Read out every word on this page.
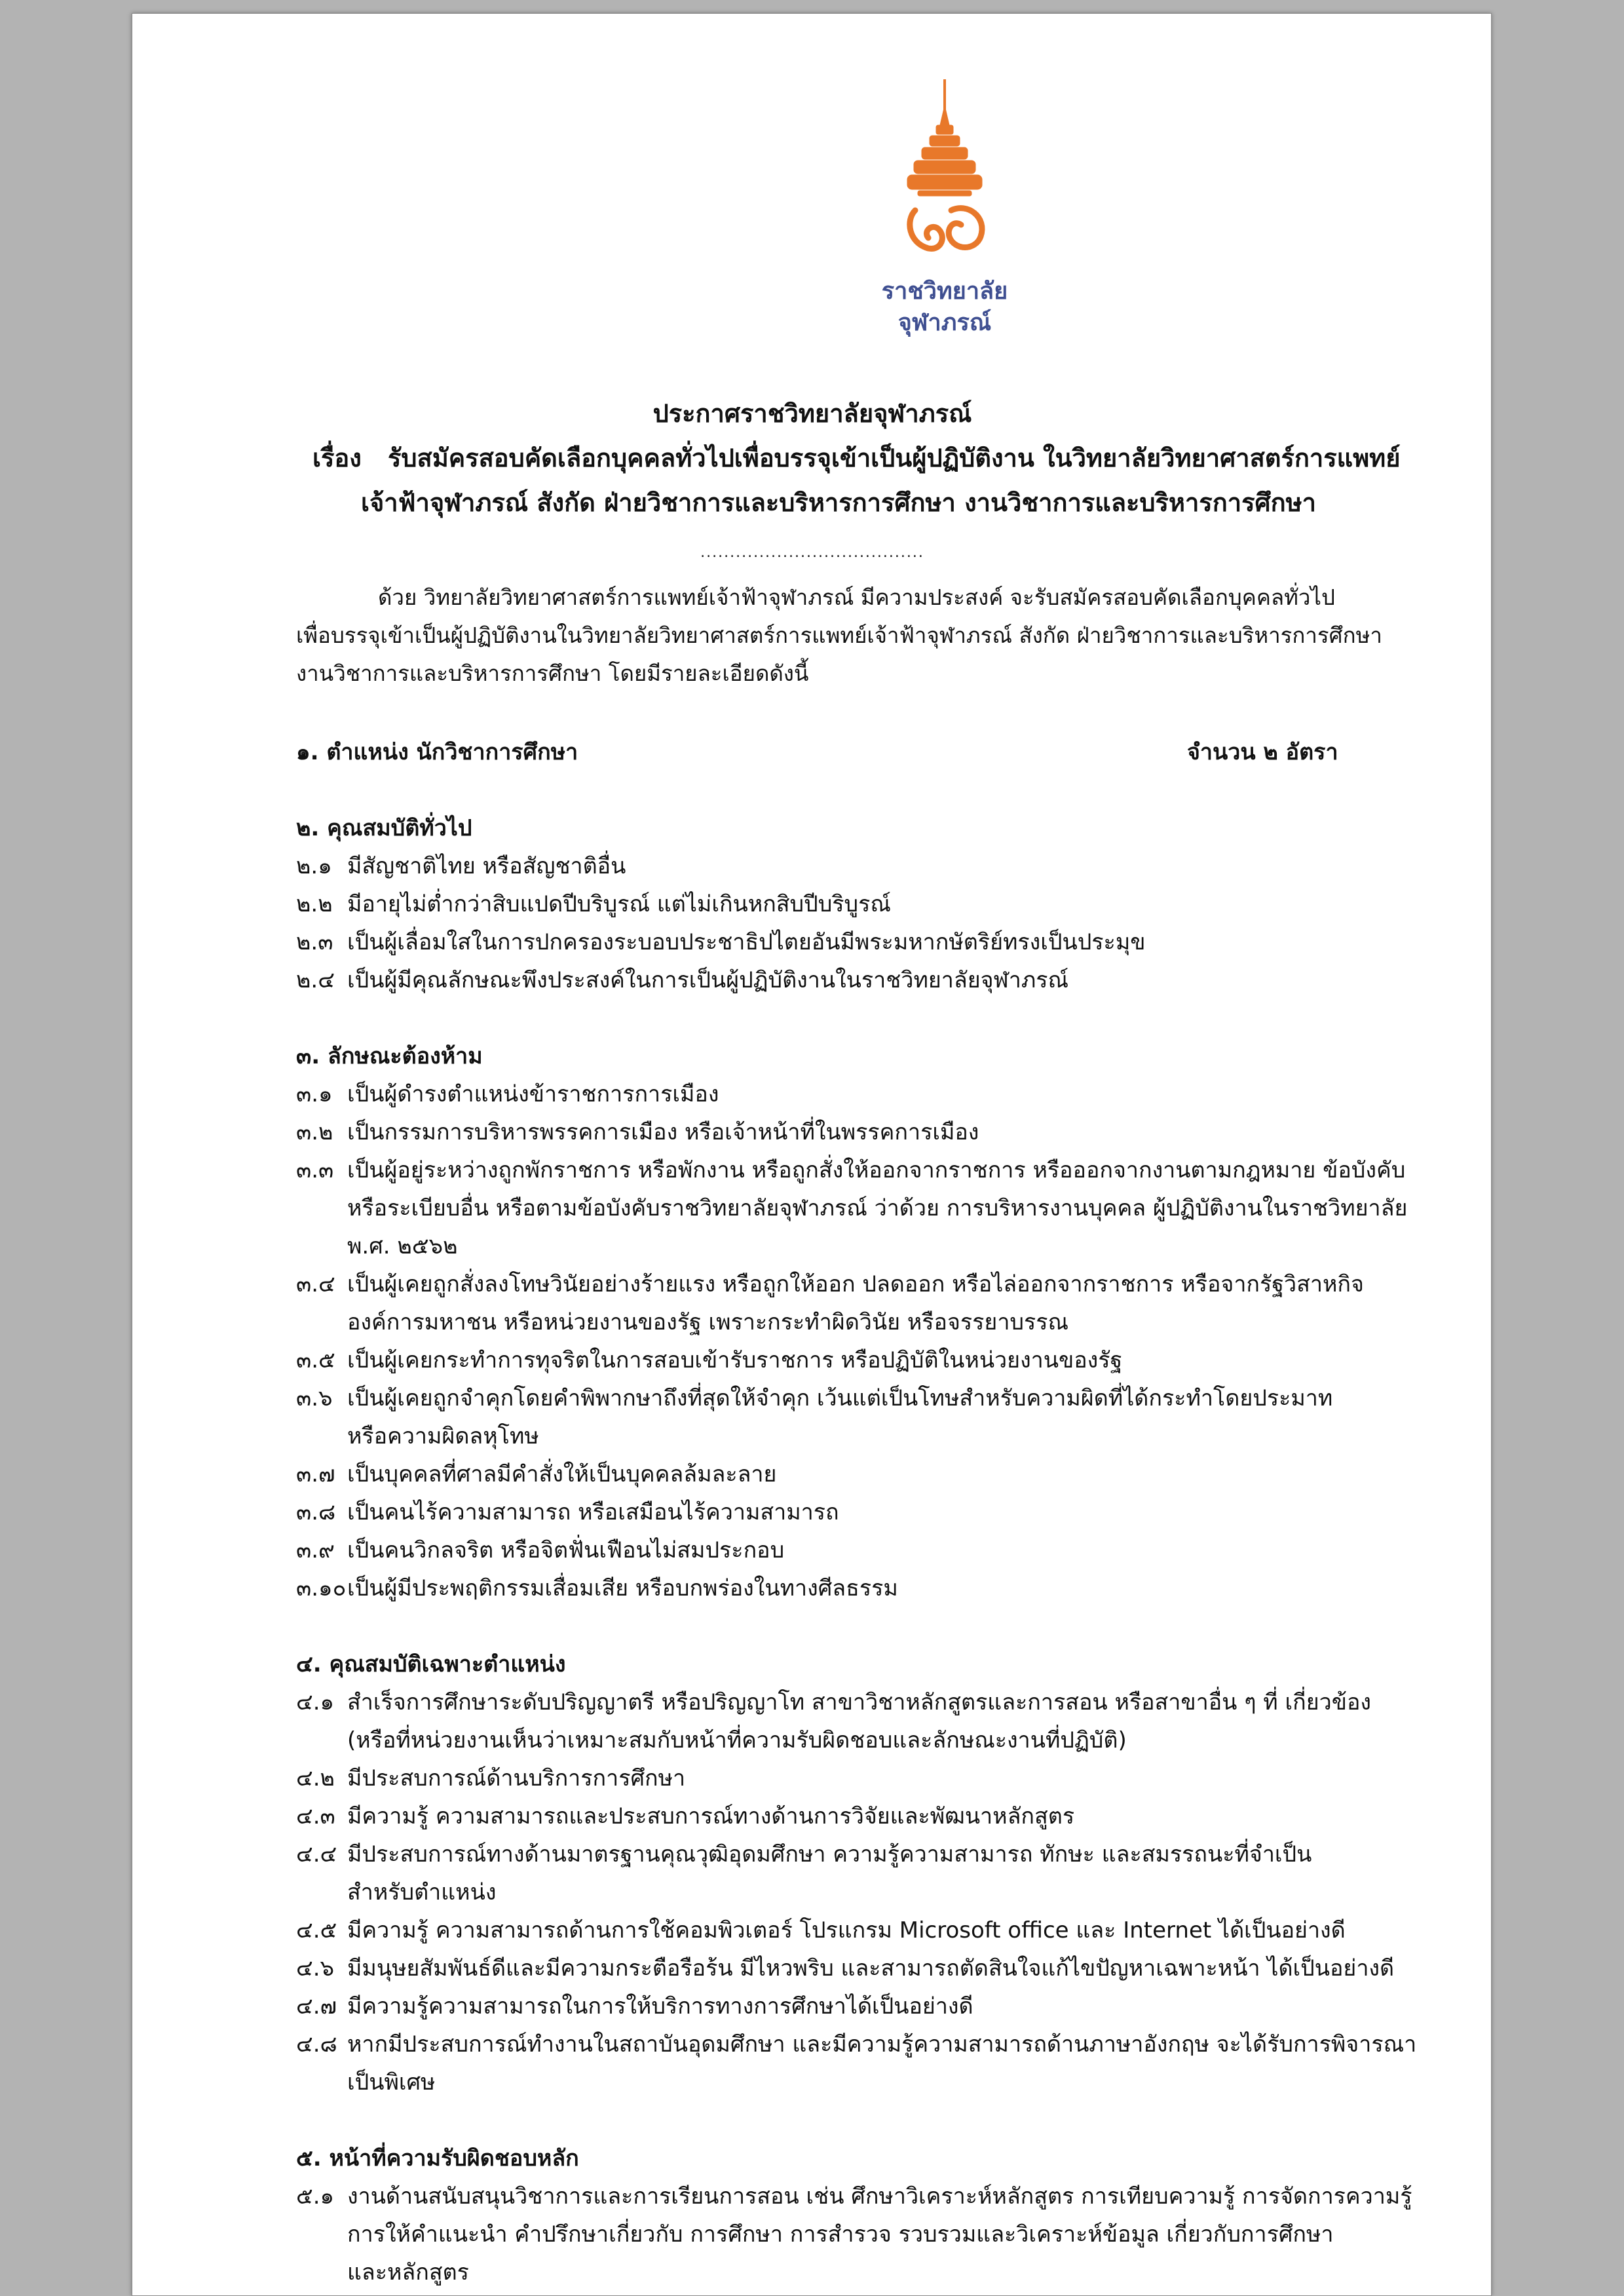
ราชวิทยาลัย
จุฬาภรณ์
ประกาศราชวิทยาลัยจุฬาภรณ์
เรื่อง รับสมัครสอบคัดเลือกบุคคลทั่วไปเพื่อบรรจุเข้าเป็นผู้ปฏิบัติงาน ในวิทยาลัยวิทยาศาสตร์การแพทย์
เจ้าฟ้าจุฬาภรณ์ สังกัด ฝ่ายวิชาการและบริหารการศึกษา งานวิชาการและบริหารการศึกษา
......................................
ด้วย วิทยาลัยวิทยาศาสตร์การแพทย์เจ้าฟ้าจุฬาภรณ์ มีความประสงค์ จะรับสมัครสอบคัดเลือกบุคคลทั่วไป
เพื่อบรรจุเข้าเป็นผู้ปฏิบัติงานในวิทยาลัยวิทยาศาสตร์การแพทย์เจ้าฟ้าจุฬาภรณ์ สังกัด ฝ่ายวิชาการและบริหารการศึกษา
งานวิชาการและบริหารการศึกษา โดยมีรายละเอียดดังนี้
๑. ตำแหน่ง นักวิชาการศึกษา	จำนวน ๒ อัตรา
๒. คุณสมบัติทั่วไป
๒.๑ มีสัญชาติไทย หรือสัญชาติอื่น
๒.๒ มีอายุไม่ต่ำกว่าสิบแปดปีบริบูรณ์ แต่ไม่เกินหกสิบปีบริบูรณ์
๒.๓ เป็นผู้เลื่อมใสในการปกครองระบอบประชาธิปไตยอันมีพระมหากษัตริย์ทรงเป็นประมุข
๒.๔ เป็นผู้มีคุณลักษณะพึงประสงค์ในการเป็นผู้ปฏิบัติงานในราชวิทยาลัยจุฬาภรณ์
๓. ลักษณะต้องห้าม
๓.๑ เป็นผู้ดำรงตำแหน่งข้าราชการการเมือง
๓.๒ เป็นกรรมการบริหารพรรคการเมือง หรือเจ้าหน้าที่ในพรรคการเมือง
๓.๓ เป็นผู้อยู่ระหว่างถูกพักราชการ หรือพักงาน หรือถูกสั่งให้ออกจากราชการ หรือออกจากงานตามกฎหมาย ข้อบังคับ
หรือระเบียบอื่น หรือตามข้อบังคับราชวิทยาลัยจุฬาภรณ์ ว่าด้วย การบริหารงานบุคคล ผู้ปฏิบัติงานในราชวิทยาลัย
พ.ศ. ๒๕๖๒
๓.๔ เป็นผู้เคยถูกสั่งลงโทษวินัยอย่างร้ายแรง หรือถูกให้ออก ปลดออก หรือไล่ออกจากราชการ หรือจากรัฐวิสาหกิจ
องค์การมหาชน หรือหน่วยงานของรัฐ เพราะกระทำผิดวินัย หรือจรรยาบรรณ
๓.๕ เป็นผู้เคยกระทำการทุจริตในการสอบเข้ารับราชการ หรือปฏิบัติในหน่วยงานของรัฐ
๓.๖ เป็นผู้เคยถูกจำคุกโดยคำพิพากษาถึงที่สุดให้จำคุก เว้นแต่เป็นโทษสำหรับความผิดที่ได้กระทำโดยประมาท
หรือความผิดลหุโทษ
๓.๗ เป็นบุคคลที่ศาลมีคำสั่งให้เป็นบุคคลล้มละลาย
๓.๘ เป็นคนไร้ความสามารถ หรือเสมือนไร้ความสามารถ
๓.๙ เป็นคนวิกลจริต หรือจิตฟั่นเฟือนไม่สมประกอบ
๓.๑๐เป็นผู้มีประพฤติกรรมเสื่อมเสีย หรือบกพร่องในทางศีลธรรม
๔. คุณสมบัติเฉพาะตำแหน่ง
๔.๑ สำเร็จการศึกษาระดับปริญญาตรี หรือปริญญาโท สาขาวิชาหลักสูตรและการสอน หรือสาขาอื่น ๆ ที่ เกี่ยวข้อง
(หรือที่หน่วยงานเห็นว่าเหมาะสมกับหน้าที่ความรับผิดชอบและลักษณะงานที่ปฏิบัติ)
๔.๒ มีประสบการณ์ด้านบริการการศึกษา
๔.๓ มีความรู้ ความสามารถและประสบการณ์ทางด้านการวิจัยและพัฒนาหลักสูตร
๔.๔ มีประสบการณ์ทางด้านมาตรฐานคุณวุฒิอุดมศึกษา ความรู้ความสามารถ ทักษะ และสมรรถนะที่จำเป็น
สำหรับตำแหน่ง
๔.๕ มีความรู้ ความสามารถด้านการใช้คอมพิวเตอร์ โปรแกรม Microsoft office และ Internet ได้เป็นอย่างดี
๔.๖ มีมนุษยสัมพันธ์ดีและมีความกระตือรือร้น มีไหวพริบ และสามารถตัดสินใจแก้ไขปัญหาเฉพาะหน้า ได้เป็นอย่างดี
๔.๗ มีความรู้ความสามารถในการให้บริการทางการศึกษาได้เป็นอย่างดี
๔.๘ หากมีประสบการณ์ทำงานในสถาบันอุดมศึกษา และมีความรู้ความสามารถด้านภาษาอังกฤษ จะได้รับการพิจารณา
เป็นพิเศษ
๕. หน้าที่ความรับผิดชอบหลัก
๕.๑ งานด้านสนับสนุนวิชาการและการเรียนการสอน เช่น ศึกษาวิเคราะห์หลักสูตร การเทียบความรู้ การจัดการความรู้
การให้คำแนะนำ คำปรึกษาเกี่ยวกับ การศึกษา การสำรวจ รวบรวมและวิเคราะห์ข้อมูล เกี่ยวกับการศึกษา
และหลักสูตร
